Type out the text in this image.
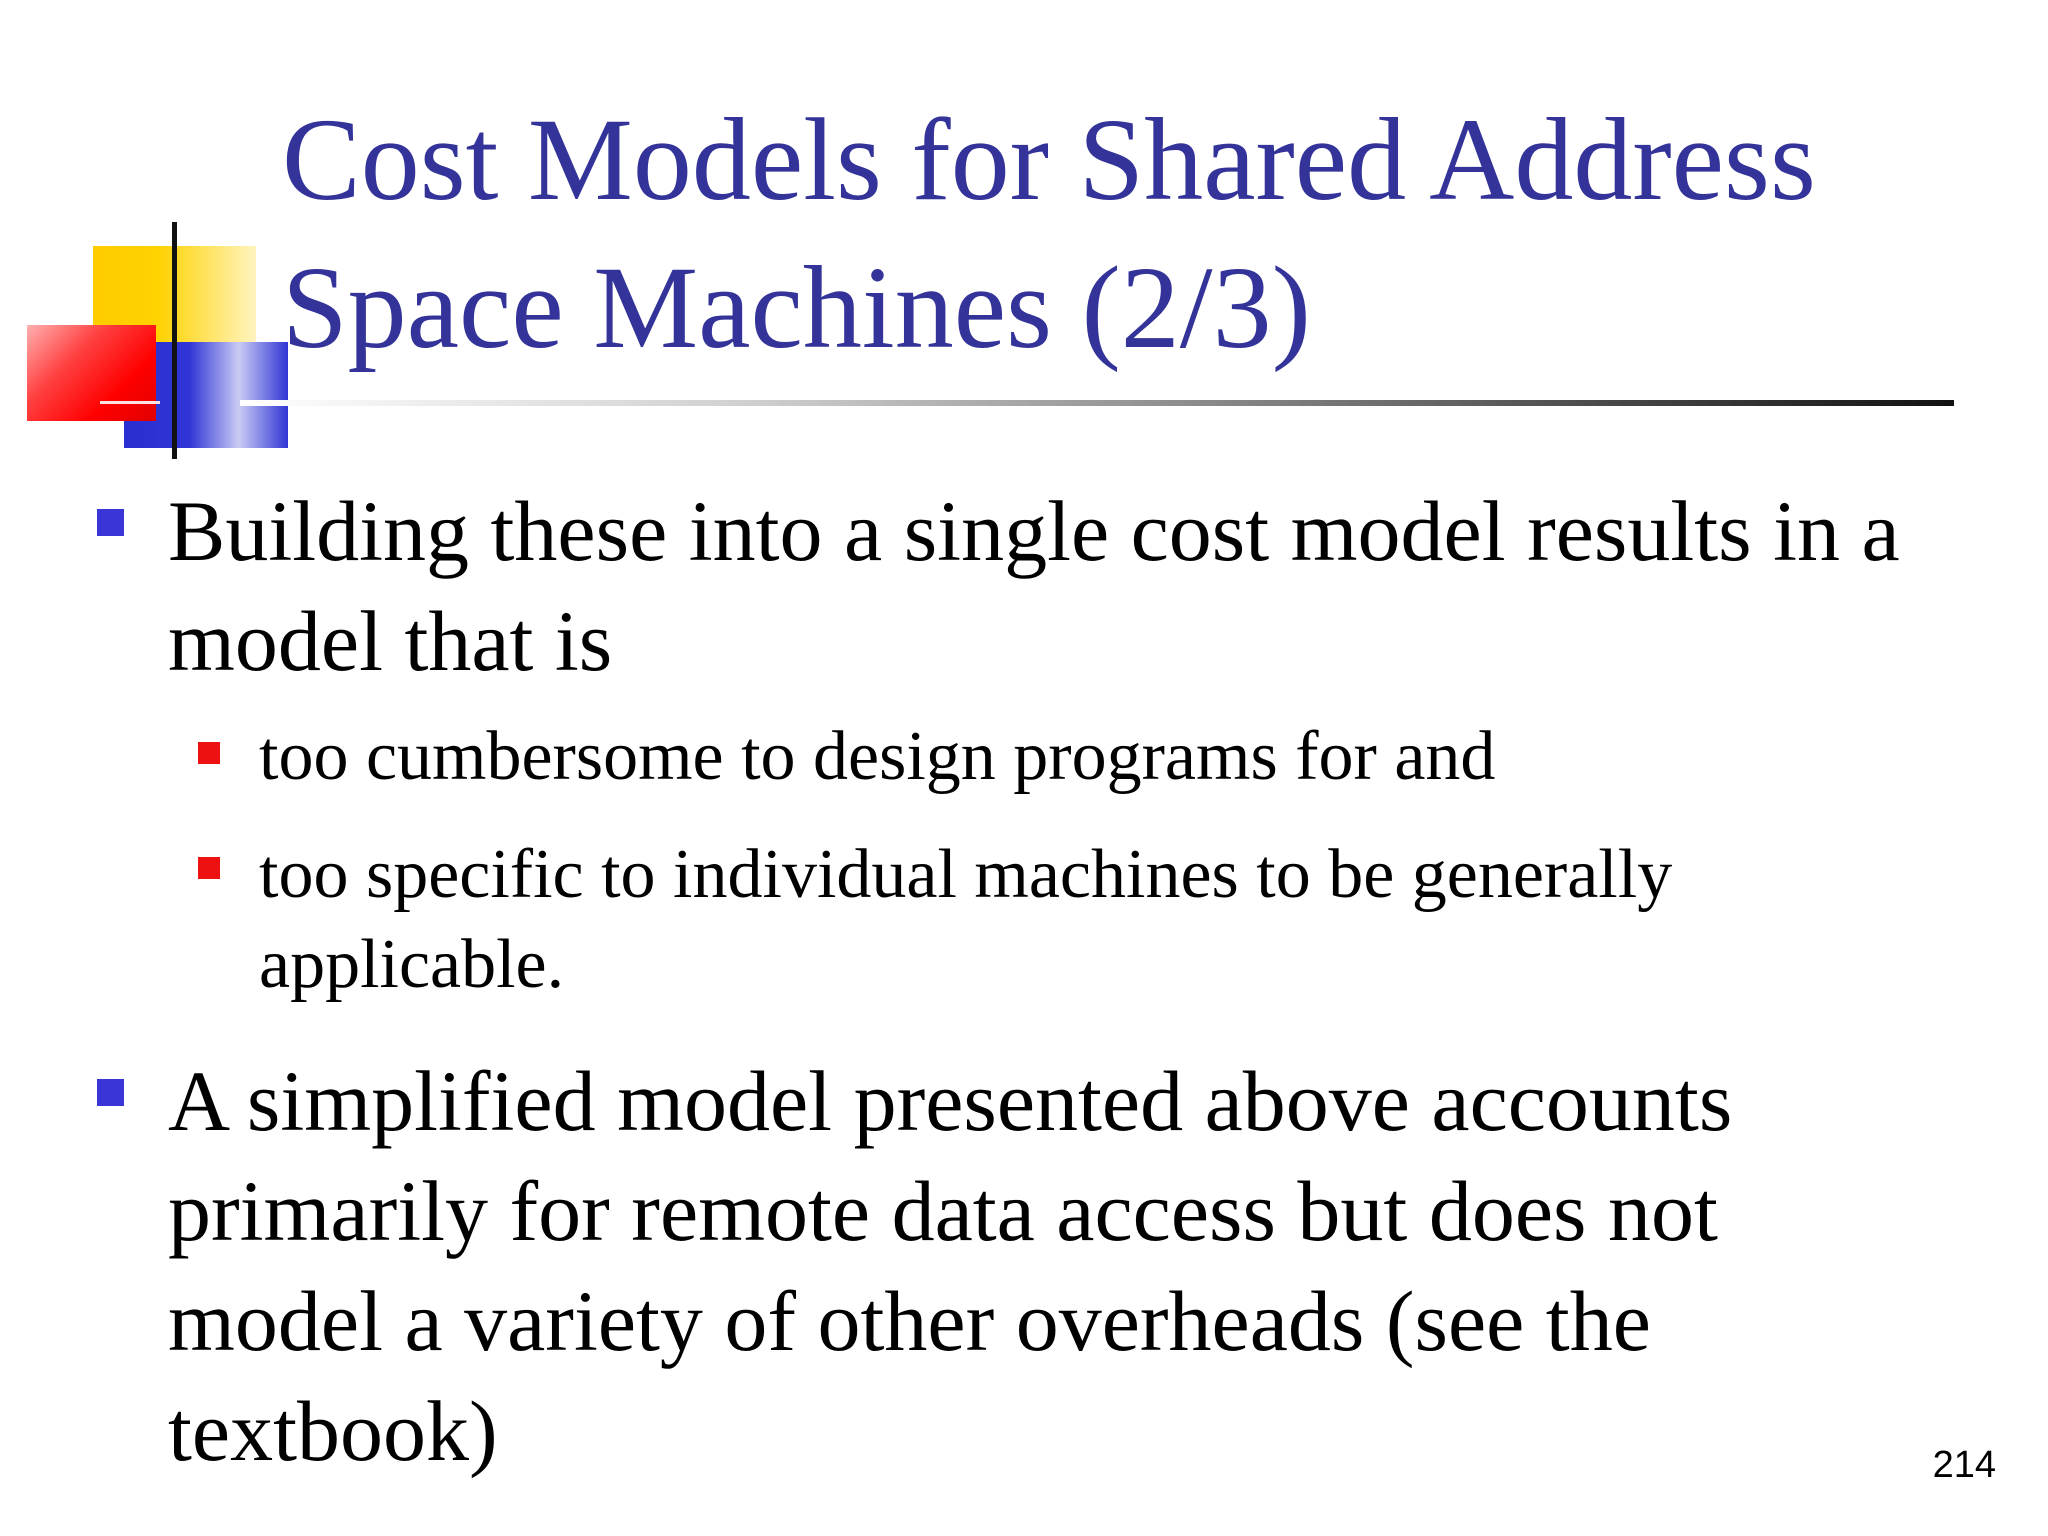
Cost Models for Shared Address Space Machines (2/3)
Building these into a single cost model results in a model that is
too cumbersome to design programs for and
too specific to individual machines to be generally applicable.
A simplified model presented above accounts primarily for remote data access but does not model a variety of other overheads (see the textbook)	214
